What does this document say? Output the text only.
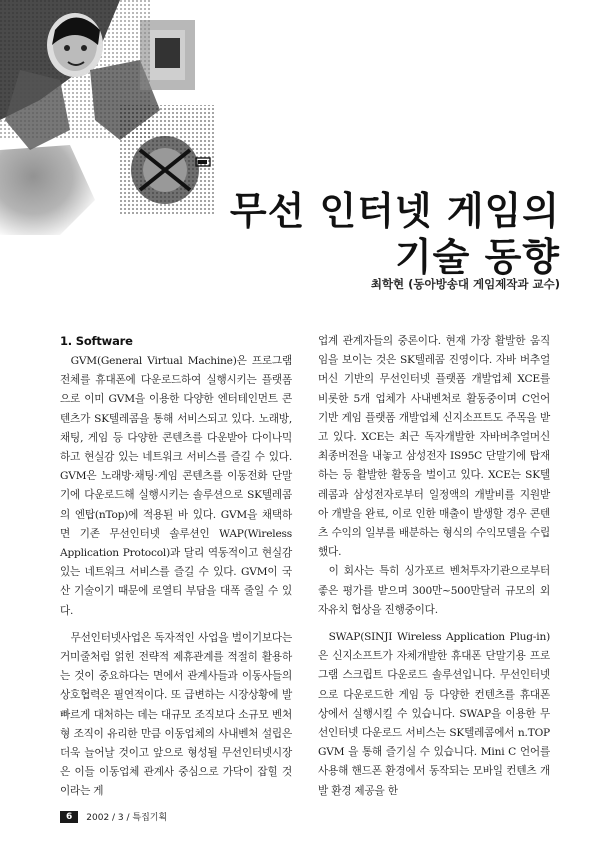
무선 인터넷 게임의
기술 동향
최학현 (동아방송대 게임제작과 교수)
1. Software

GVM(General Virtual Machine)은 프로그램 전체를 휴대폰에 다운로드하여 실행시키는 플랫폼으로 이미 GVM을 이용한 다양한 엔터테인먼트 콘텐츠가 SK텔레콤을 통해 서비스되고 있다. 노래방, 채팅, 게임 등 다양한 콘텐츠를 다운받아 다이나믹하고 현실감 있는 네트워크 서비스를 즐길 수 있다. GVM은 노래방·채팅·게임 콘텐츠를 이동전화 단말기에 다운로드해 실행시키는 솔루션으로 SK텔레콤의 엔탑(nTop)에 적용된 바 있다. GVM을 채택하면 기존 무선인터넷 솔루션인 WAP(Wireless Application Protocol)과 달리 역동적이고 현실감 있는 네트워크 서비스를 즐길 수 있다. GVM이 국산 기술이기 때문에 로열티 부담을 대폭 줄일 수 있다.

무선인터넷사업은 독자적인 사업을 벌이기보다는 거미줄처럼 얽힌 전략적 제휴관계를 적절히 활용하는 것이 중요하다는 면에서 관계사들과 이동사들의 상호협력은 필연적이다. 또 급변하는 시장상황에 발빠르게 대처하는 데는 대규모 조직보다 소규모 벤처형 조직이 유리한 만큼 이동업체의 사내벤처 설립은 더욱 늘어날 것이고 앞으로 형성될 무선인터넷시장은 이들 이동업체 관계사 중심으로 가닥이 잡힐 것이라는 게

업계 관계자들의 중론이다. 현재 가장 활발한 움직임을 보이는 것은 SK텔레콤 진영이다. 자바 버추얼머신 기반의 무선인터넷 플랫폼 개발업체 XCE를 비롯한 5개 업체가 사내벤처로 활동중이며 C언어 기반 게임 플랫폼 개발업체 신지소프트도 주목을 받고 있다. XCE는 최근 독자개발한 자바버추얼머신 최종버전을 내놓고 삼성전자 IS95C 단말기에 탑재하는 등 활발한 활동을 벌이고 있다. XCE는 SK텔레콤과 삼성전자로부터 일정액의 개발비를 지원받아 개발을 완료, 이로 인한 매출이 발생할 경우 콘텐츠 수익의 일부를 배분하는 형식의 수익모델을 수립했다.

이 회사는 특히 싱가포르 벤처투자기관으로부터 좋은 평가를 받으며 300만~500만달러 규모의 외자유치 협상을 진행중이다.

SWAP(SINJI Wireless Application Plug-in)은 신지소프트가 자체개발한 휴대폰 단말기용 프로그램 스크립트 다운로드 솔루션입니다. 무선인터넷으로 다운로드한 게임 등 다양한 컨텐츠를 휴대폰 상에서 실행시킬 수 있습니다. SWAP을 이용한 무선인터넷 다운로드 서비스는 SK텔레콤에서 n.TOP GVM 을 통해 즐기실 수 있습니다. Mini C 언어를 사용해 핸드폰 환경에서 동작되는 모바일 컨텐츠 개발 환경 제공을 한

6	2002 / 3 / 특집기획
